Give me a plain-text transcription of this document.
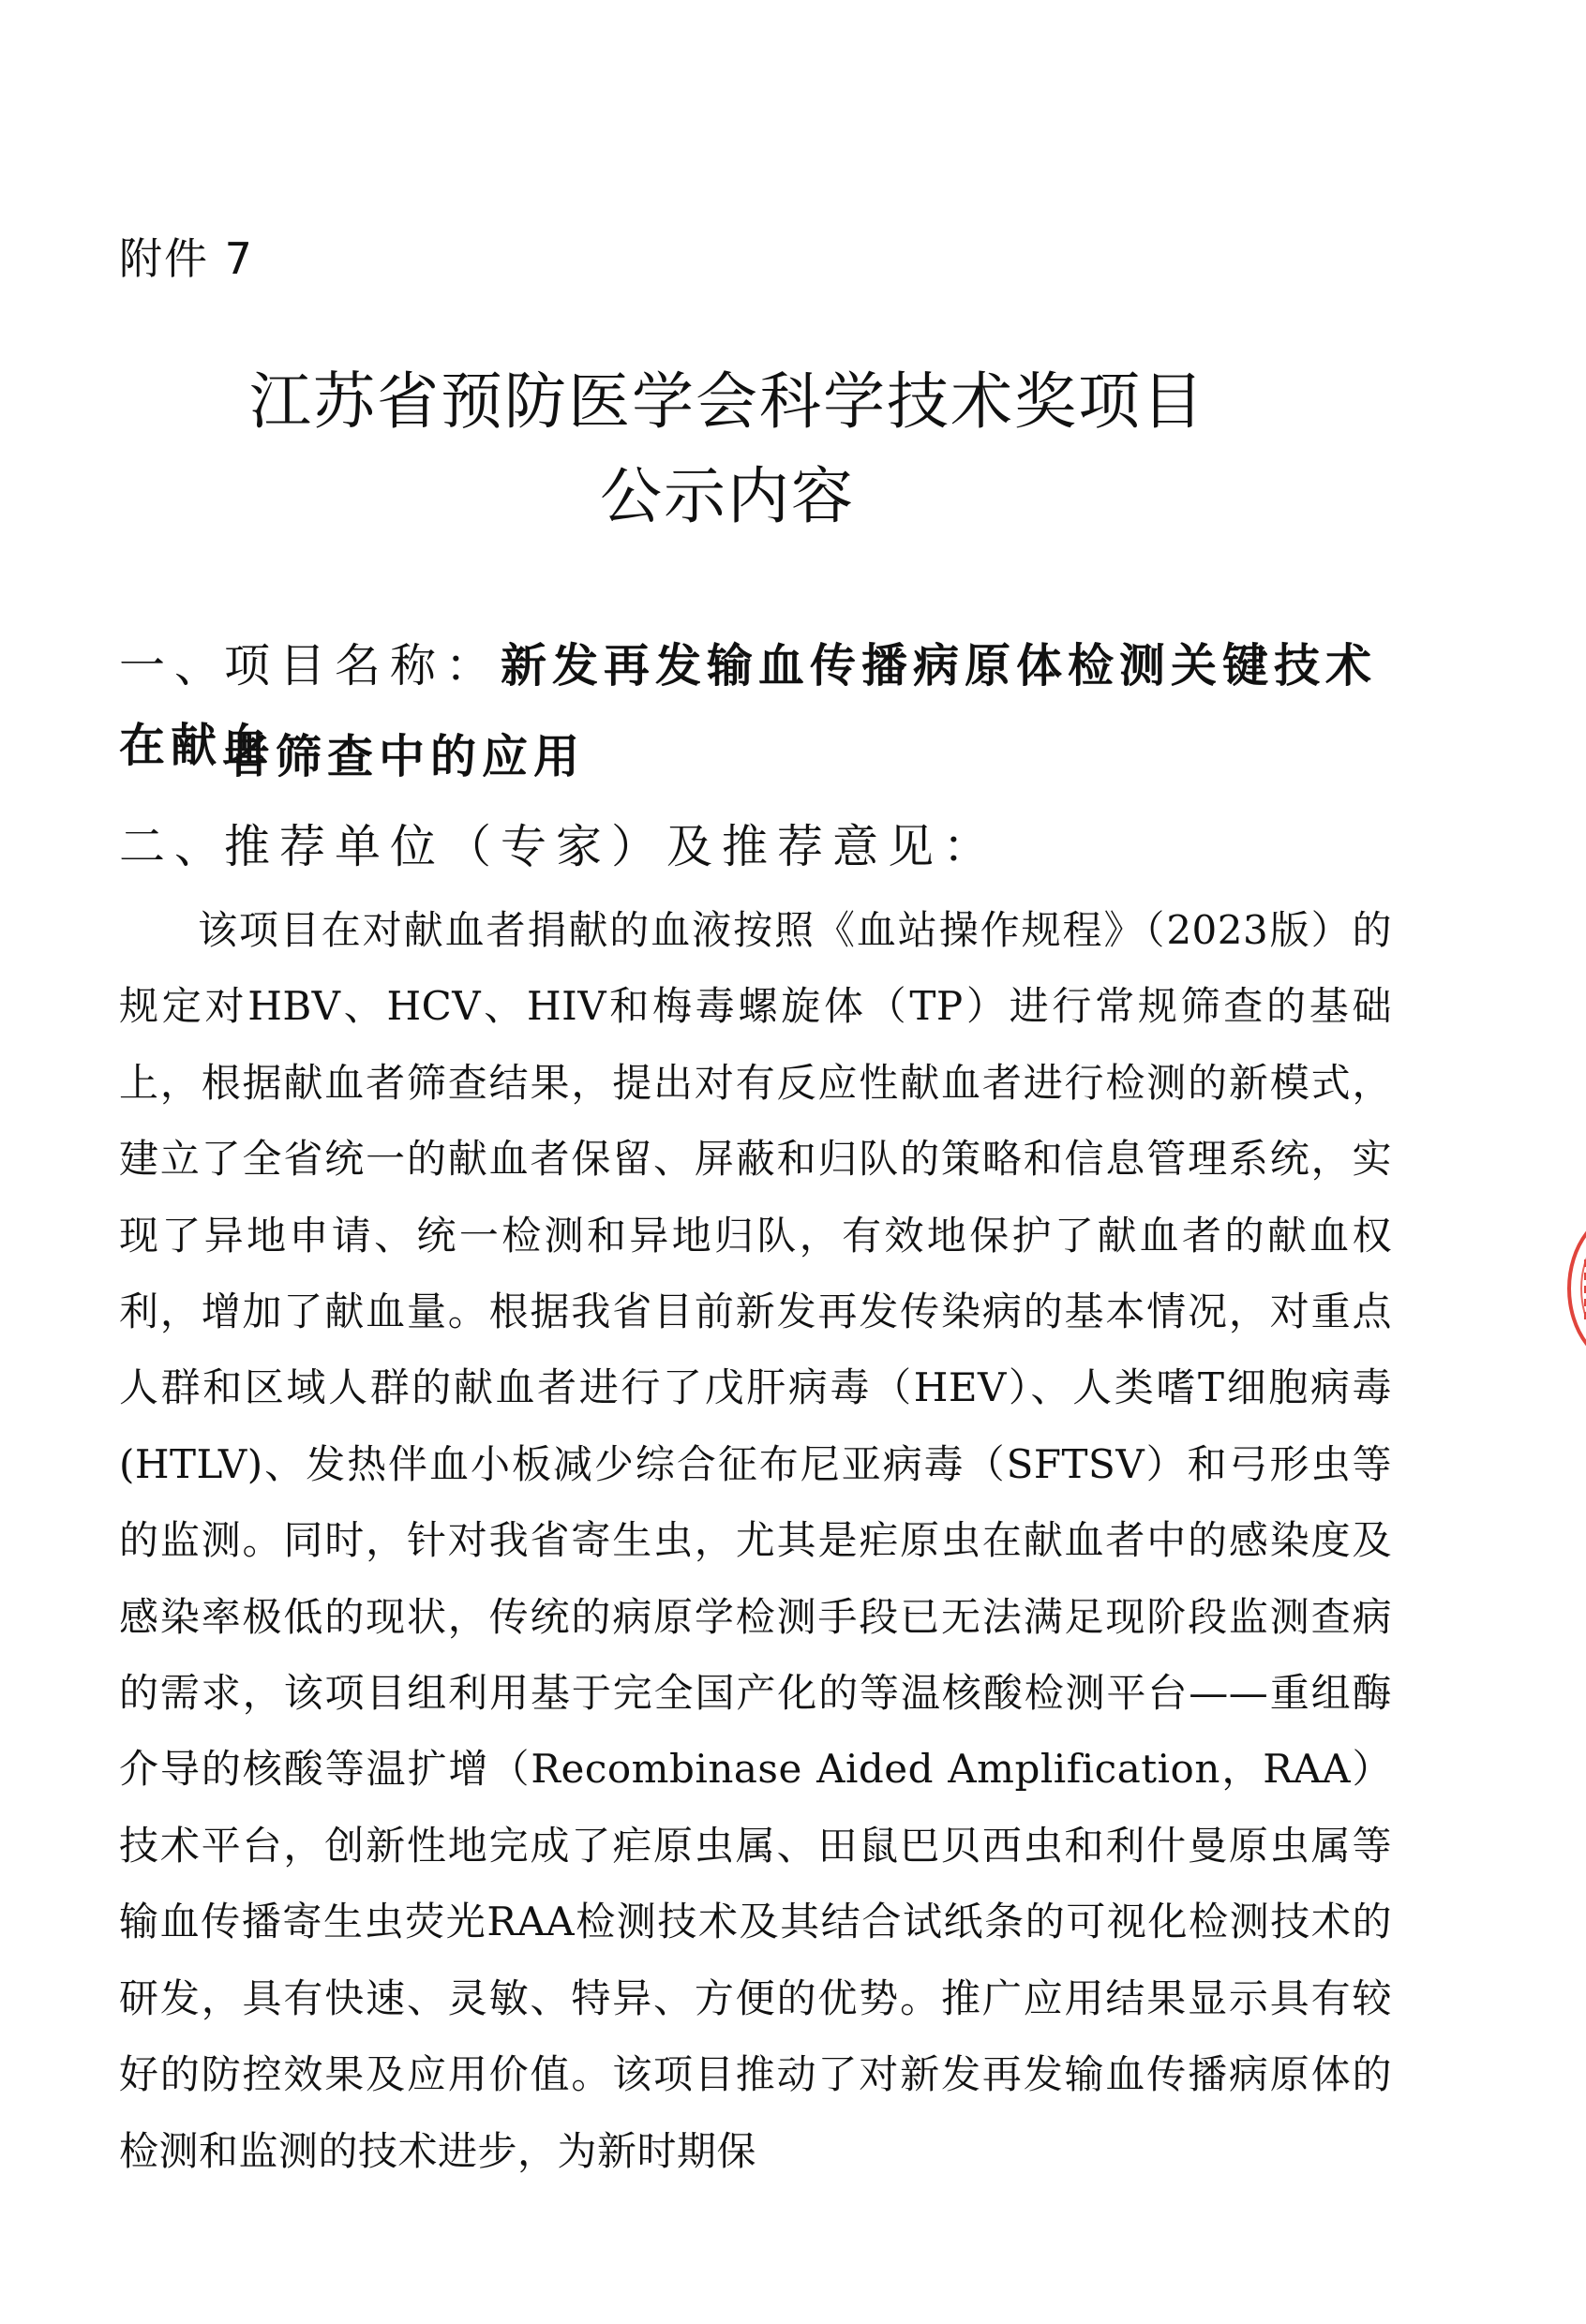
附件 7
江苏省预防医学会科学技术奖项目
公示内容
一、项目名称：新发再发输血传播病原体检测关键技术在献血
者筛查中的应用
二、推荐单位（专家）及推荐意见：
该项目在对献血者捐献的血液按照《血站操作规程》（2023版）的规定对HBV、HCV、HIV和梅毒螺旋体（TP）进行常规筛查的基础上，根据献血者筛查结果，提出对有反应性献血者进行检测的新模式，建立了全省统一的献血者保留、屏蔽和归队的策略和信息管理系统，实现了异地申请、统一检测和异地归队，有效地保护了献血者的献血权利，增加了献血量。根据我省目前新发再发传染病的基本情况，对重点人群和区域人群的献血者进行了戊肝病毒（HEV）、人类嗜T细胞病毒(HTLV)、发热伴血小板减少综合征布尼亚病毒（SFTSV）和弓形虫等的监测。同时，针对我省寄生虫，尤其是疟原虫在献血者中的感染度及感染率极低的现状，传统的病原学检测手段已无法满足现阶段监测查病的需求，该项目组利用基于完全国产化的等温核酸检测平台——重组酶介导的核酸等温扩增（Recombinase Aided Amplification，RAA）技术平台，创新性地完成了疟原虫属、田鼠巴贝西虫和利什曼原虫属等输血传播寄生虫荧光RAA检测技术及其结合试纸条的可视化检测技术的研发，具有快速、灵敏、特异、方便的优势。推广应用结果显示具有较好的防控效果及应用价值。该项目推动了对新发再发输血传播病原体的检测和监测的技术进步，为新时期保
